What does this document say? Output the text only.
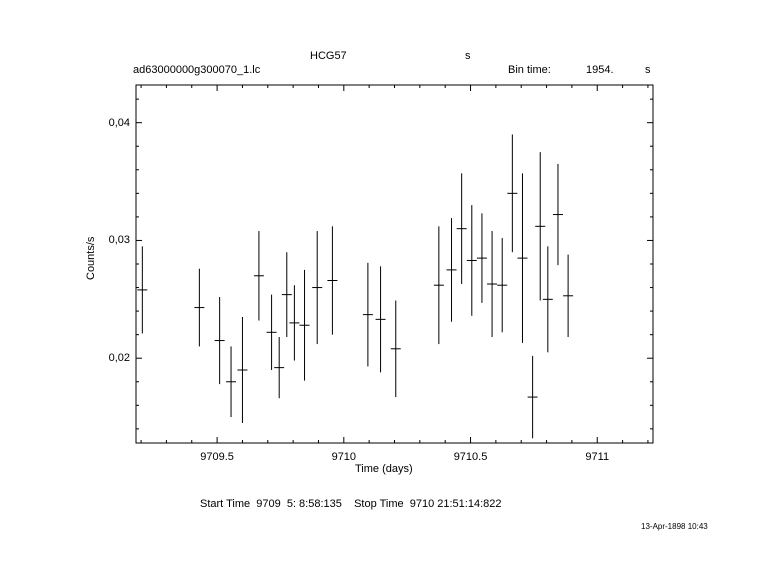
HCG57	s
ad63000000g300070_1.lc	Bin time:	1954.	s
Time (days)
Counts/s
Start Time  9709  5: 8:58:135    Stop Time  9710 21:51:14:822
13-Apr-1898 10:43
9709.5	9710	9710.5	9711
0,02
0,03
0,04
